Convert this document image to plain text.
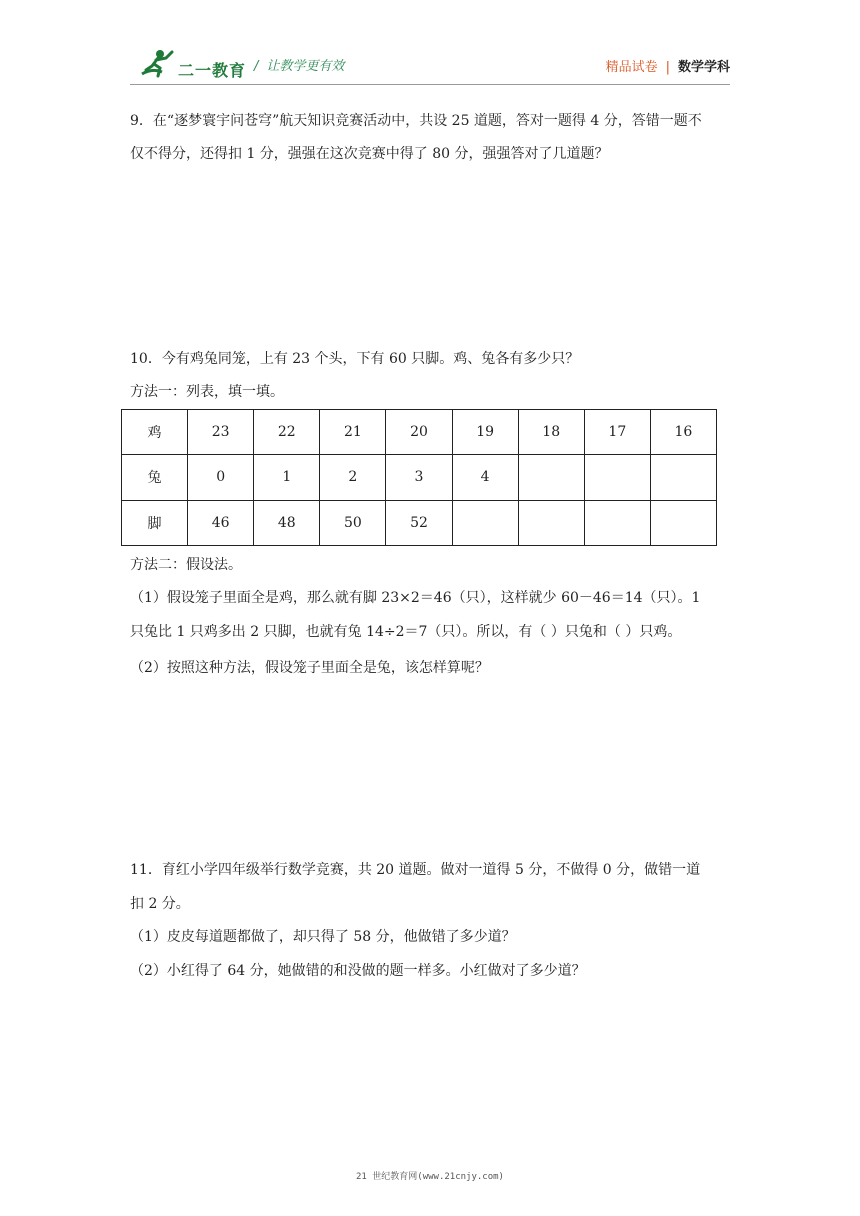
二一教育 / 让教学更有效	精品试卷 | 数学学科
9．在“逐梦寰宇问苍穹”航天知识竞赛活动中，共设 25 道题，答对一题得 4 分，答错一题不
仅不得分，还得扣 1 分，强强在这次竞赛中得了 80 分，强强答对了几道题？
10．今有鸡兔同笼，上有 23 个头，下有 60 只脚。鸡、兔各有多少只？
方法一：列表，填一填。
鸡	23	22	21	20	19	18	17	16
兔	0	1	2	3	4			
脚	46	48	50	52				
方法二：假设法。
（1）假设笼子里面全是鸡，那么就有脚 23×2＝46（只），这样就少 60－46＝14（只）。1
只兔比 1 只鸡多出 2 只脚，也就有兔 14÷2＝7（只）。所以，有（ ）只兔和（ ）只鸡。
（2）按照这种方法，假设笼子里面全是兔，该怎样算呢？
11．育红小学四年级举行数学竞赛，共 20 道题。做对一道得 5 分，不做得 0 分，做错一道
扣 2 分。
（1）皮皮每道题都做了，却只得了 58 分，他做错了多少道？
（2）小红得了 64 分，她做错的和没做的题一样多。小红做对了多少道？
21 世纪教育网(www.21cnjy.com)
